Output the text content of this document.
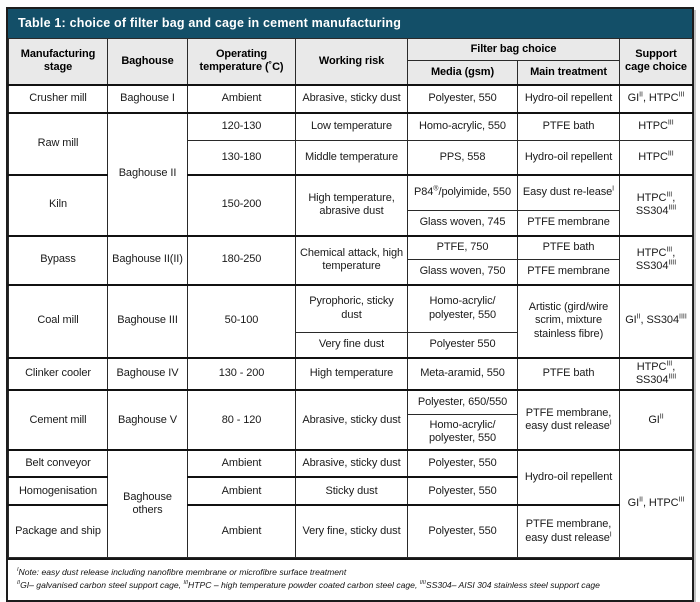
Table 1: choice of filter bag and cage in cement manufacturing
Manufacturing stage	Baghouse	Operating temperature (˚C)	Working risk	Filter bag choice		Support cage choice
				Media (gsm)	Main treatment	
Crusher mill	Baghouse I	Ambient	Abrasive, sticky dust	Polyester, 550	Hydro-oil repellent	$GI^{II}$, $HTPC^{III}$
Raw mill	Baghouse II	120-130	Low temperature	Homo-acrylic, 550	PTFE bath	$HTPC^{III}$
		130-180	Middle temperature	PPS, 558	Hydro-oil repellent	$HTPC^{III}$
Kiln		150-200	High temperature, abrasive dust	P84®/polyimide, 550	Easy dust re-lease$^I$	$HTPC^{III}$, $SS304^{IIII}$
				Glass woven, 745	PTFE membrane	
Bypass	Baghouse II(II)	180-250	Chemical attack, high temperature	PTFE, 750	PTFE bath	$HTPC^{III}$, $SS304^{IIII}$
				Glass woven, 750	PTFE membrane	
Coal mill	Baghouse III	50-100	Pyrophoric, sticky dust	Homo-acrylic/ polyester, 550	Artistic (gird/wire scrim, mixture stainless fibre)	$GI^{II}$, $SS304^{IIII}$
			Very fine dust	Polyester 550		
Clinker cooler	Baghouse IV	130 - 200	High temperature	Meta-aramid, 550	PTFE bath	$HTPC^{III}$, $SS304^{IIII}$
Cement mill	Baghouse V	80 - 120	Abrasive, sticky dust	Polyester, 650/550	PTFE membrane, easy dust release$^I$	$GI^{II}$
				Homo-acrylic/ polyester, 550		
Belt conveyor	Baghouse others	Ambient	Abrasive, sticky dust	Polyester, 550	Hydro-oil repellent	$GI^{II}$, $HTPC^{III}$
Homogenisation		Ambient	Sticky dust	Polyester, 550		
Package and ship		Ambient	Very fine, sticky dust	Polyester, 550	PTFE membrane, easy dust release$^I$
$^I$Note: easy dust release including nanofibre membrane or microfibre surface treatment
$^{II}$GI– galvanised carbon steel support cage, $^{III}$HTPC – high temperature powder coated carbon steel cage, $^{IIII}$SS304– AISI 304 stainless steel support cage
